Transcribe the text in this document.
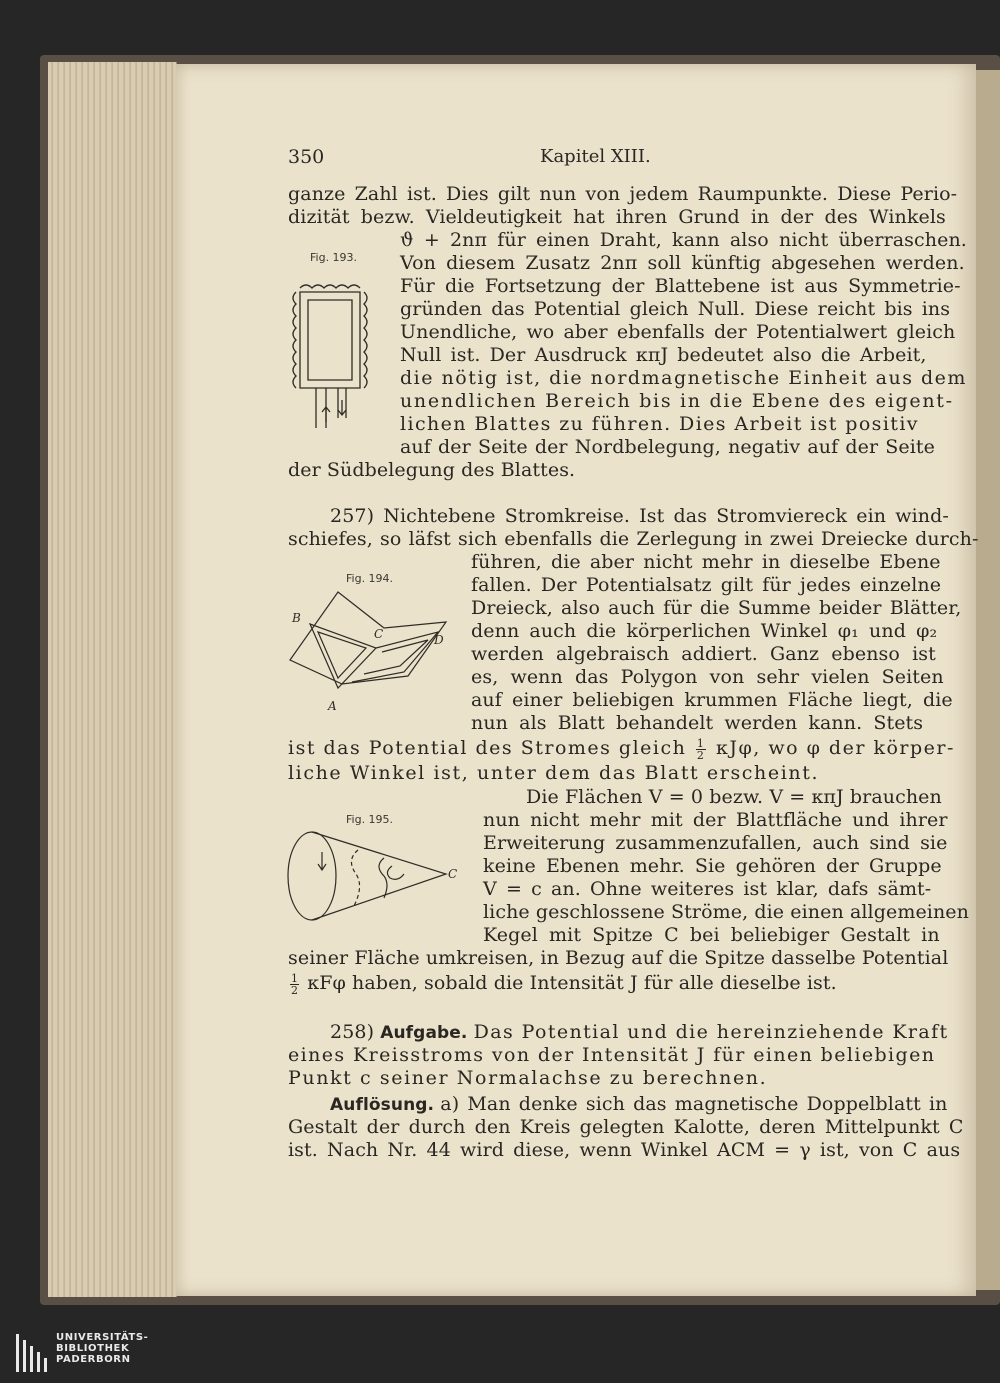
350	Kapitel XIII.
ganze Zahl ist. Dies gilt nun von jedem Raumpunkte. Diese Perio-
dizität bezw. Vieldeutigkeit hat ihren Grund in der des Winkels
ϑ + 2nπ für einen Draht, kann also nicht überraschen.
Von diesem Zusatz 2nπ soll künftig abgesehen werden.
Für die Fortsetzung der Blattebene ist aus Symmetrie-
gründen das Potential gleich Null. Diese reicht bis ins
Unendliche, wo aber ebenfalls der Potentialwert gleich
Null ist. Der Ausdruck κπJ bedeutet also die Arbeit,
die nötig ist, die nordmagnetische Einheit aus dem
unendlichen Bereich bis in die Ebene des eigent-
lichen Blattes zu führen. Dies Arbeit ist positiv
auf der Seite der Nordbelegung, negativ auf der Seite
der Südbelegung des Blattes.
Fig. 193.
257) Nichtebene Stromkreise. Ist das Stromviereck ein wind-
schiefes, so läfst sich ebenfalls die Zerlegung in zwei Dreiecke durch-
führen, die aber nicht mehr in dieselbe Ebene
fallen. Der Potentialsatz gilt für jedes einzelne
Dreieck, also auch für die Summe beider Blätter,
denn auch die körperlichen Winkel φ₁ und φ₂
werden algebraisch addiert. Ganz ebenso ist
es, wenn das Polygon von sehr vielen Seiten
auf einer beliebigen krummen Fläche liegt, die
nun als Blatt behandelt werden kann. Stets
ist das Potential des Stromes gleich $\frac{1}{2} \kappa J\varphi$, wo φ der körper-
liche Winkel ist, unter dem das Blatt erscheint.
Fig. 194.
B
C	D
A
Die Flächen V = 0 bezw. V = κπJ brauchen
nun nicht mehr mit der Blattfläche und ihrer
Erweiterung zusammenzufallen, auch sind sie
keine Ebenen mehr. Sie gehören der Gruppe
V = c an. Ohne weiteres ist klar, dafs sämt-
liche geschlossene Ströme, die einen allgemeinen
Kegel mit Spitze C bei beliebiger Gestalt in
seiner Fläche umkreisen, in Bezug auf die Spitze dasselbe Potential
$\frac{1}{2}$ κFφ haben, sobald die Intensität J für alle dieselbe ist.
Fig. 195.
C
258) Aufgabe. Das Potential und die hereinziehende Kraft
eines Kreisstroms von der Intensität J für einen beliebigen
Punkt c seiner Normalachse zu berechnen.
Auflösung. a) Man denke sich das magnetische Doppelblatt in
Gestalt der durch den Kreis gelegten Kalotte, deren Mittelpunkt C
ist. Nach Nr. 44 wird diese, wenn Winkel ACM = γ ist, von C aus
UNIVERSITÄTS-
BIBLIOTHEK
PADERBORN
